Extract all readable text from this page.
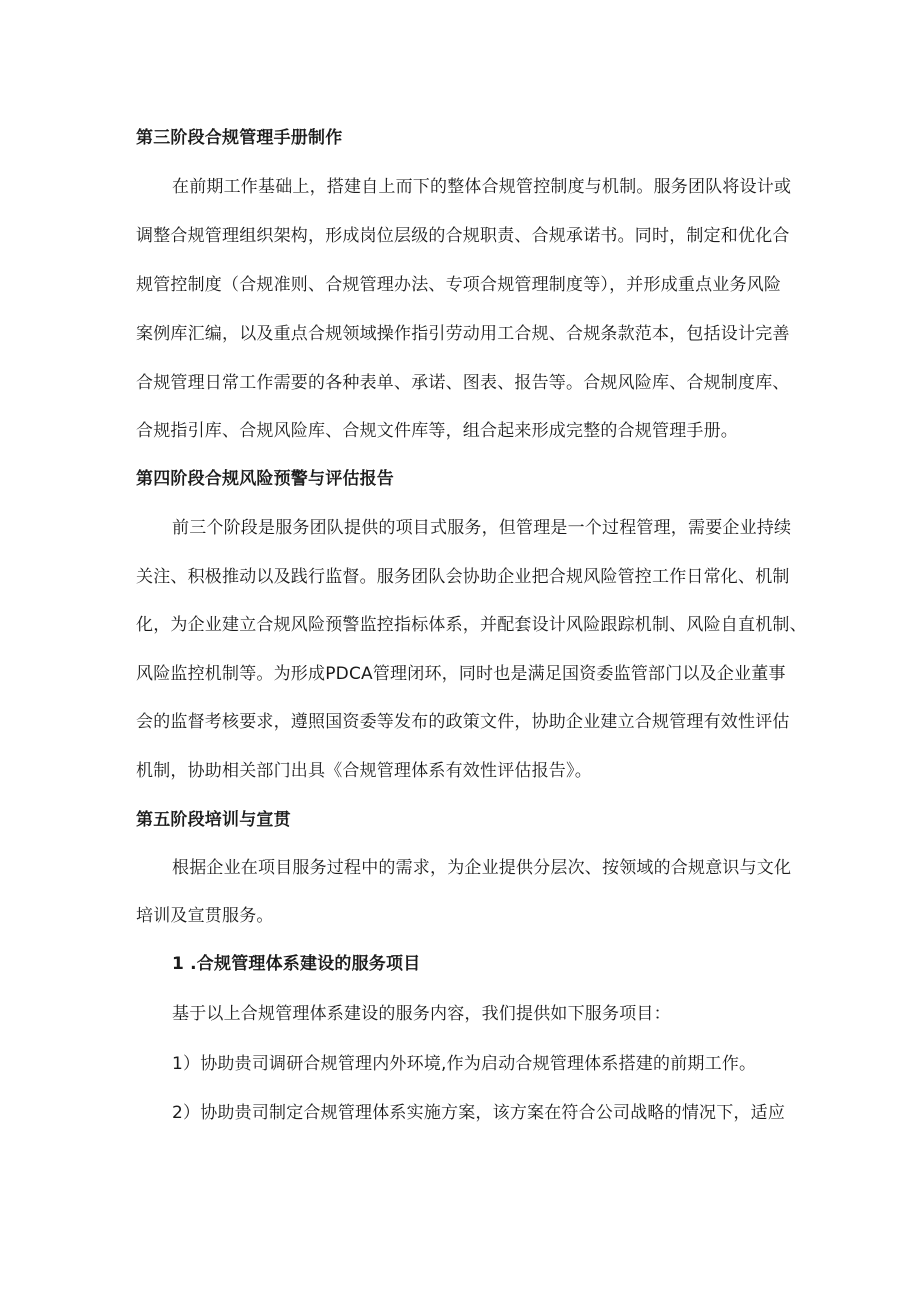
第三阶段合规管理手册制作
在前期工作基础上，搭建自上而下的整体合规管控制度与机制。服务团队将设计或
调整合规管理组织架构，形成岗位层级的合规职责、合规承诺书。同时，制定和优化合
规管控制度（合规准则、合规管理办法、专项合规管理制度等），并形成重点业务风险
案例库汇编，以及重点合规领域操作指引劳动用工合规、合规条款范本，包括设计完善
合规管理日常工作需要的各种表单、承诺、图表、报告等。合规风险库、合规制度库、
合规指引库、合规风险库、合规文件库等，组合起来形成完整的合规管理手册。
第四阶段合规风险预警与评估报告
前三个阶段是服务团队提供的项目式服务，但管理是一个过程管理，需要企业持续
关注、积极推动以及践行监督。服务团队会协助企业把合规风险管控工作日常化、机制
化，为企业建立合规风险预警监控指标体系，并配套设计风险跟踪机制、风险自直机制、
风险监控机制等。为形成PDCA管理闭环，同时也是满足国资委监管部门以及企业董事
会的监督考核要求，遵照国资委等发布的政策文件，协助企业建立合规管理有效性评估
机制，协助相关部门出具《合规管理体系有效性评估报告》。
第五阶段培训与宣贯
根据企业在项目服务过程中的需求，为企业提供分层次、按领域的合规意识与文化
培训及宣贯服务。
1 .合规管理体系建设的服务项目
基于以上合规管理体系建设的服务内容，我们提供如下服务项目：
1）协助贵司调研合规管理内外环境,作为启动合规管理体系搭建的前期工作。
2）协助贵司制定合规管理体系实施方案，该方案在符合公司战略的情况下，适应
